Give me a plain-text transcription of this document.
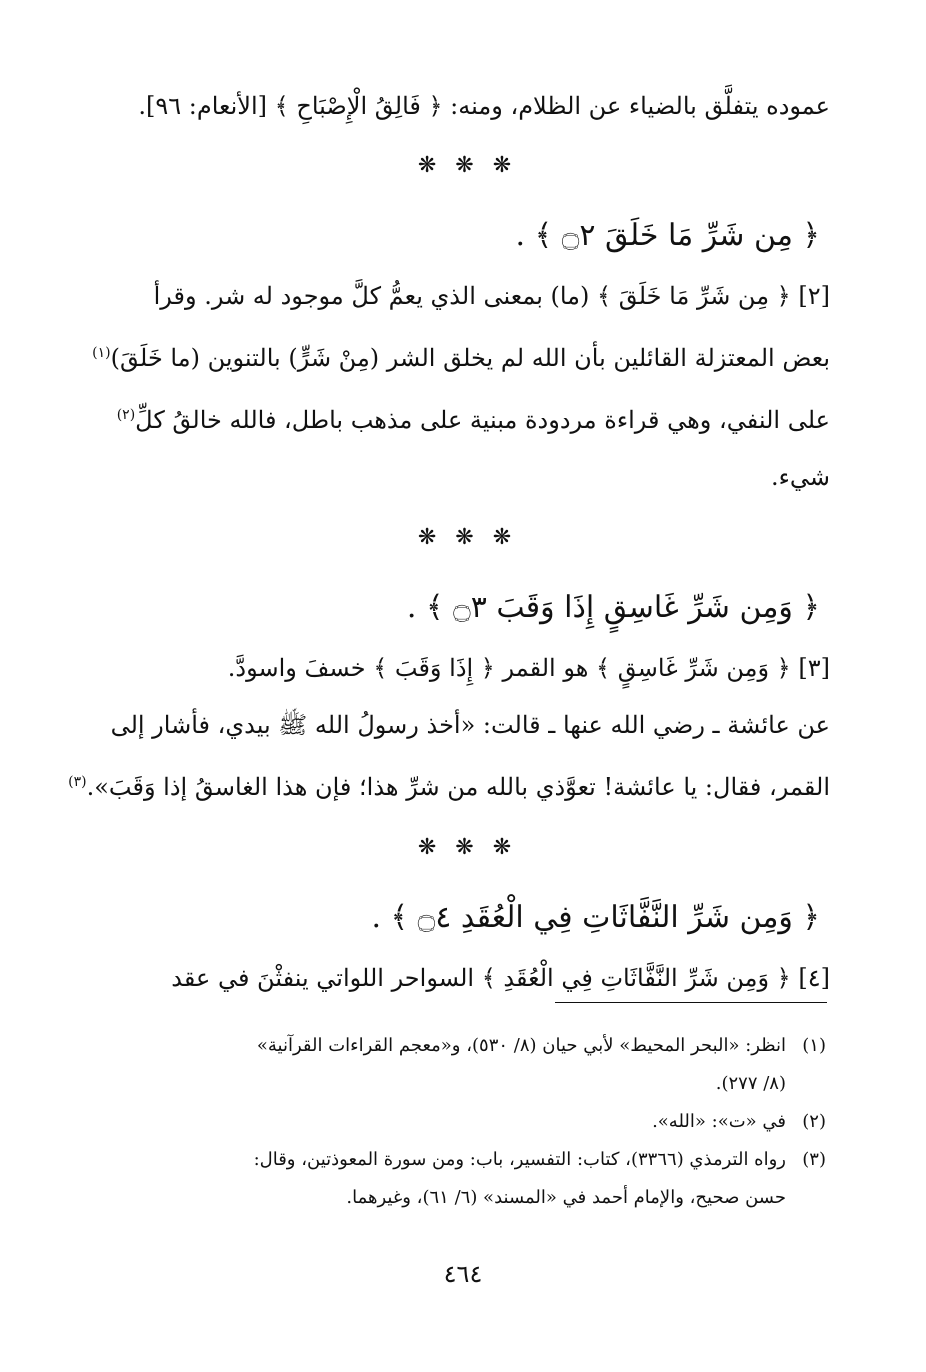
عموده يتفلَّق بالضياء عن الظلام، ومنه: ﴿ فَالِقُ الْإِصْبَاحِ ﴾ [الأنعام: ٩٦].
❋ ❋ ❋
﴿ مِن شَرِّ مَا خَلَقَ ۝٢ ﴾ .
[٢] ﴿ مِن شَرِّ مَا خَلَقَ ﴾ (ما) بمعنى الذي يعمُّ كلَّ موجود له شر. وقرأ
بعض المعتزلة القائلين بأن الله لم يخلق الشر (مِنْ شَرٍّ) بالتنوين (ما خَلَقَ)$^{(١)}$
على النفي، وهي قراءة مردودة مبنية على مذهب باطل، فالله خالقُ كلِّ$^{(٢)}$
شيء.
❋ ❋ ❋
﴿ وَمِن شَرِّ غَاسِقٍ إِذَا وَقَبَ ۝٣ ﴾ .
[٣] ﴿ وَمِن شَرِّ غَاسِقٍ ﴾ هو القمر ﴿ إِذَا وَقَبَ ﴾ خسفَ واسودَّ.
عن عائشة ـ رضي الله عنها ـ قالت: «أخذ رسولُ الله ﷺ بيدي، فأشار إلى
القمر، فقال: يا عائشة! تعوَّذي بالله من شرِّ هذا؛ فإن هذا الغاسقُ إذا وَقَبَ».$^{(٣)}$
❋ ❋ ❋
﴿ وَمِن شَرِّ النَّفَّاثَاتِ فِي الْعُقَدِ ۝٤ ﴾ .
[٤] ﴿ وَمِن شَرِّ النَّفَّاثَاتِ فِي الْعُقَدِ ﴾ السواحر اللواتي ينفثْنَ في عقد
(١)انظر: «البحر المحيط» لأبي حيان (٨/ ٥٣٠)، و«معجم القراءات القرآنية»
(٨/ ٢٧٧).
(٢)في «ت»: «الله».
(٣)رواه الترمذي (٣٣٦٦)، كتاب: التفسير، باب: ومن سورة المعوذتين، وقال:
حسن صحيح، والإمام أحمد في «المسند» (٦/ ٦١)، وغيرهما.
٤٦٤
